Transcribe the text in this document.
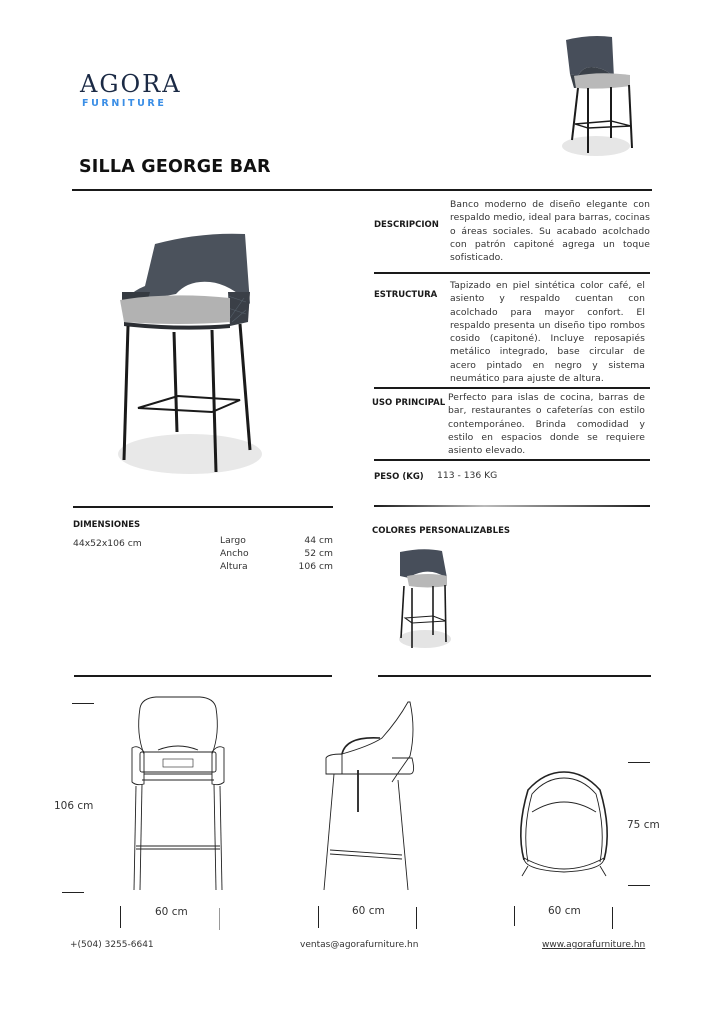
AGORA
FURNITURE
SILLA GEORGE BAR
DESCRIPCION
Banco moderno de diseño elegante con respaldo medio, ideal para barras, cocinas o áreas sociales. Su acabado acolchado con patrón capitoné agrega un toque sofisticado.
ESTRUCTURA
Tapizado en piel sintética color café, el asiento y respaldo cuentan con acolchado para mayor confort. El respaldo presenta un diseño tipo rombos cosido (capitoné). Incluye reposapiés metálico integrado, base circular de acero pintado en negro y sistema neumático para ajuste de altura.
USO PRINCIPAL Perfecto para islas de cocina, barras de bar, restaurantes o cafeterías con estilo contemporáneo. Brinda comodidad y estilo en espacios donde se requiere asiento elevado.
PESO (KG) 113 - 136 KG
DIMENSIONES
44x52x106 cm	Largo	44 cm
Ancho	52 cm
Altura	106 cm
COLORES PERSONALIZABLES
106 cm
60 cm	60 cm
75 cm
60 cm
+(504) 3255-6641	ventas@agorafurniture.hn	www.agorafurniture.hn
